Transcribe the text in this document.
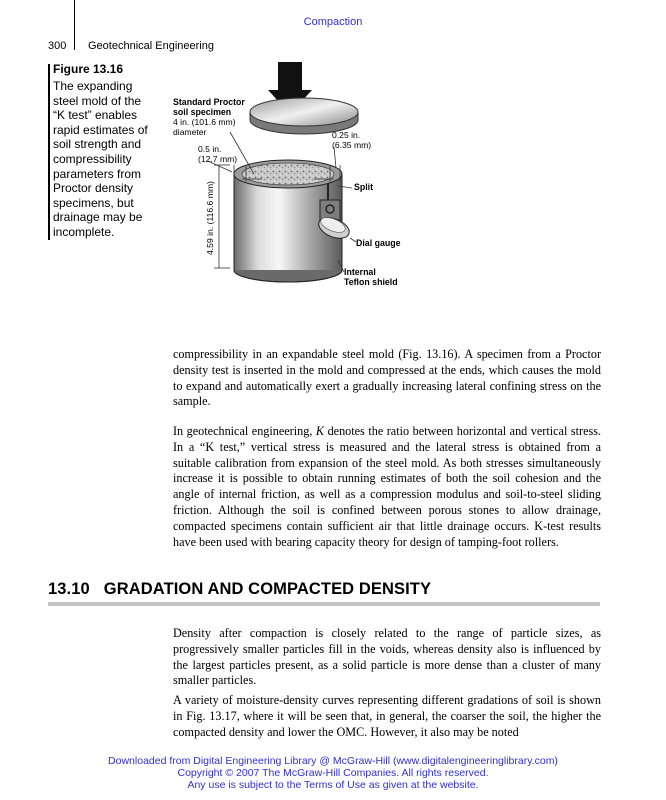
Compaction
300 Geotechnical Engineering
Figure 13.16
The expanding steel mold of the “K test” enables rapid estimates of soil strength and compressibility parameters from Proctor density specimens, but drainage may be incomplete.
Standard Proctor
soil specimen
4 in. (101.6 mm)
diameter
0.5 in.
(12.7 mm)
0.25 in.
(6.35 mm)
Split
4.59 in. (116.6 mm)	Dial gauge
Internal
Teflon shield
compressibility in an expandable steel mold (Fig. 13.16). A specimen from a Proctor density test is inserted in the mold and compressed at the ends, which causes the mold to expand and automatically exert a gradually increasing lateral confining stress on the sample.
In geotechnical engineering, K denotes the ratio between horizontal and vertical stress. In a “K test,” vertical stress is measured and the lateral stress is obtained from a suitable calibration from expansion of the steel mold. As both stresses simultaneously increase it is possible to obtain running estimates of both the soil cohesion and the angle of internal friction, as well as a compression modulus and soil-to-steel sliding friction. Although the soil is confined between porous stones to allow drainage, compacted specimens contain sufficient air that little drainage occurs. K-test results have been used with bearing capacity theory for design of tamping-foot rollers.
13.10 GRADATION AND COMPACTED DENSITY
Density after compaction is closely related to the range of particle sizes, as progressively smaller particles fill in the voids, whereas density also is influenced by the largest particles present, as a solid particle is more dense than a cluster of many smaller particles.
A variety of moisture-density curves representing different gradations of soil is shown in Fig. 13.17, where it will be seen that, in general, the coarser the soil, the higher the compacted density and lower the OMC. However, it also may be noted
Downloaded from Digital Engineering Library @ McGraw-Hill (www.digitalengineeringlibrary.com)
Copyright © 2007 The McGraw-Hill Companies. All rights reserved.
Any use is subject to the Terms of Use as given at the website.
